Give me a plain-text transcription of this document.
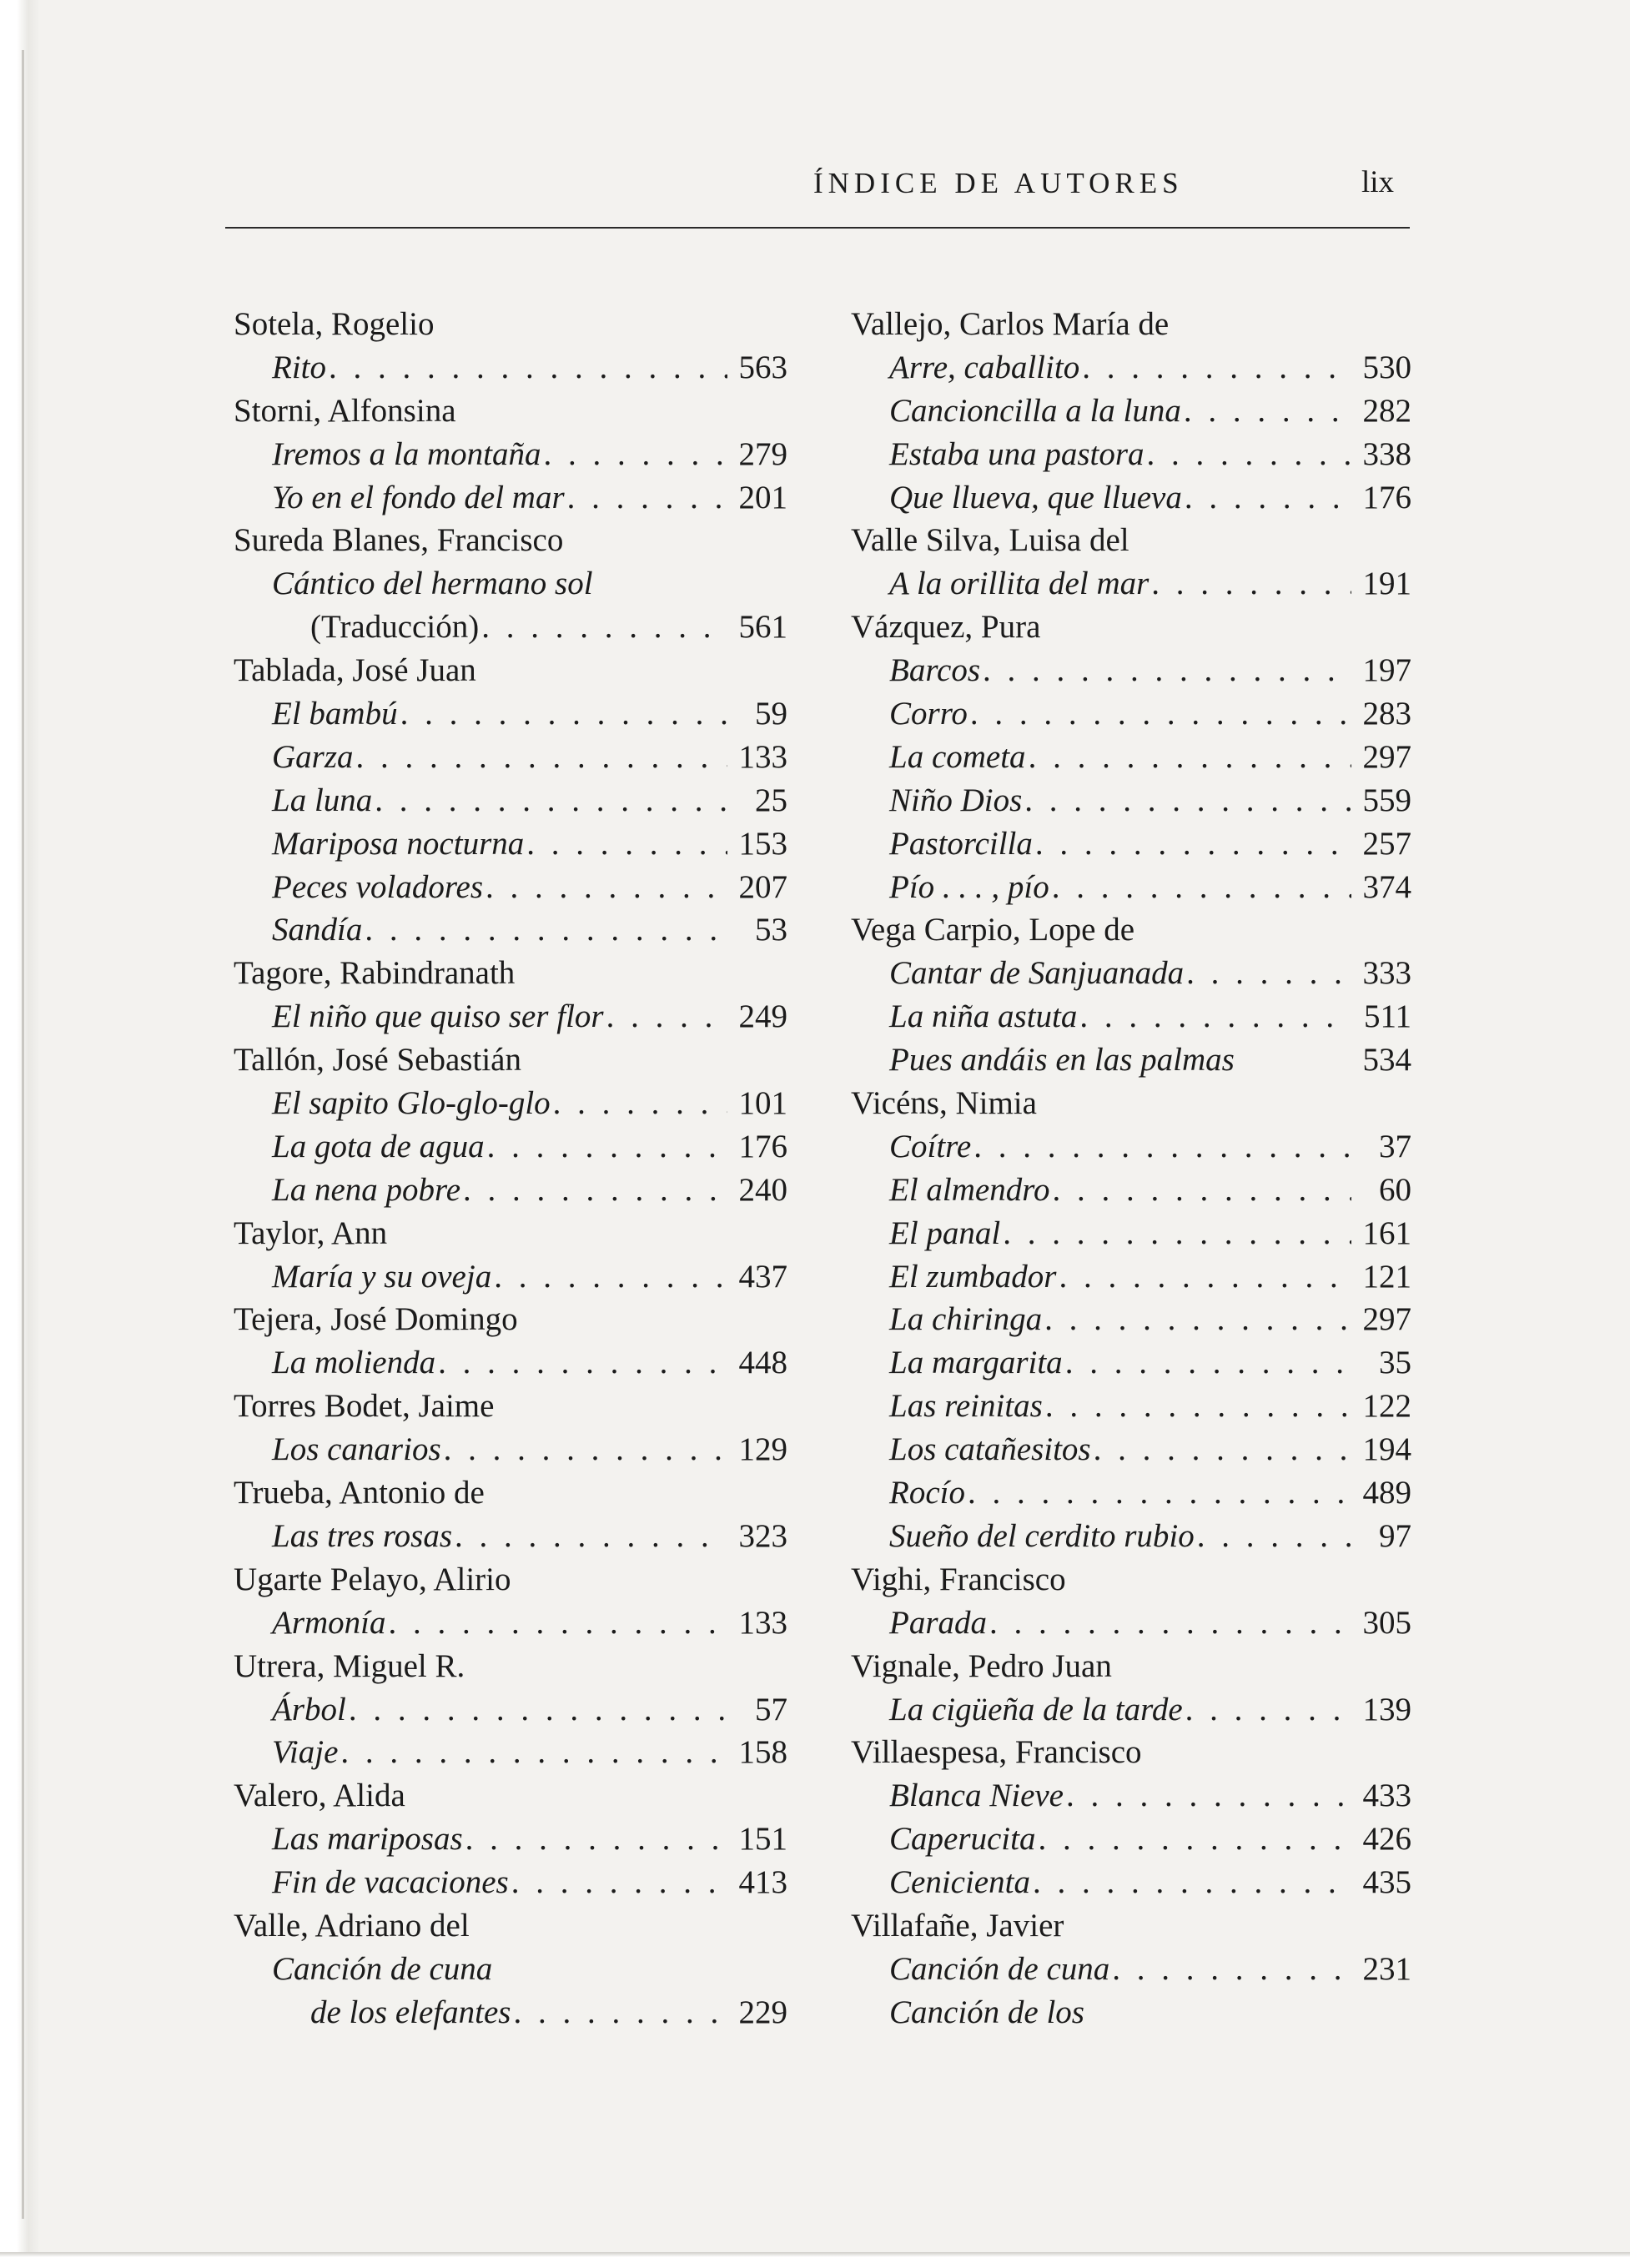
ÍNDICE DE AUTORES	lix
Sotela, Rogelio
Rito . . .	563
Storni, Alfonsina
Iremos a la montaña . . .	279
Yo en el fondo del mar . . .	201
Sureda Blanes, Francisco
Cántico del hermano sol
(Traducción) . . .	561
Tablada, José Juan
El bambú . . .	59
Garza . . .	133
La luna . . .	25
Mariposa nocturna . . .	153
Peces voladores . . .	207
Sandía . . .	53
Tagore, Rabindranath
El niño que quiso ser flor . . .	249
Tallón, José Sebastián
El sapito Glo-glo-glo . . .	101
La gota de agua . . .	176
La nena pobre . . .	240
Taylor, Ann
María y su oveja . . .	437
Tejera, José Domingo
La molienda . . .	448
Torres Bodet, Jaime
Los canarios . . .	129
Trueba, Antonio de
Las tres rosas . . .	323
Ugarte Pelayo, Alirio
Armonía . . .	133
Utrera, Miguel R.
Árbol . . .	57
Viaje . . .	158
Valero, Alida
Las mariposas . . .	151
Fin de vacaciones . . .	413
Valle, Adriano del
Canción de cuna
de los elefantes . . .	229
Vallejo, Carlos María de
Arre, caballito . . .	530
Cancioncilla a la luna . . .	282
Estaba una pastora . . .	338
Que llueva, que llueva . . .	176
Valle Silva, Luisa del
A la orillita del mar . . .	191
Vázquez, Pura
Barcos . . .	197
Corro . . .	283
La cometa . . .	297
Niño Dios . . .	559
Pastorcilla . . .	257
Pío . . . , pío . . .	374
Vega Carpio, Lope de
Cantar de Sanjuanada . . .	333
La niña astuta . . .	511
Pues andáis en las palmas	534
Vicéns, Nimia
Coítre . . .	37
El almendro . . .	60
El panal . . .	161
El zumbador . . .	121
La chiringa . . .	297
La margarita . . .	35
Las reinitas . . .	122
Los catañesitos . . .	194
Rocío . . .	489
Sueño del cerdito rubio . . .	97
Vighi, Francisco
Parada . . .	305
Vignale, Pedro Juan
La cigüeña de la tarde . . .	139
Villaespesa, Francisco
Blanca Nieve . . .	433
Caperucita . . .	426
Cenicienta . . .	435
Villafañe, Javier
Canción de cuna . . .	231
Canción de los
